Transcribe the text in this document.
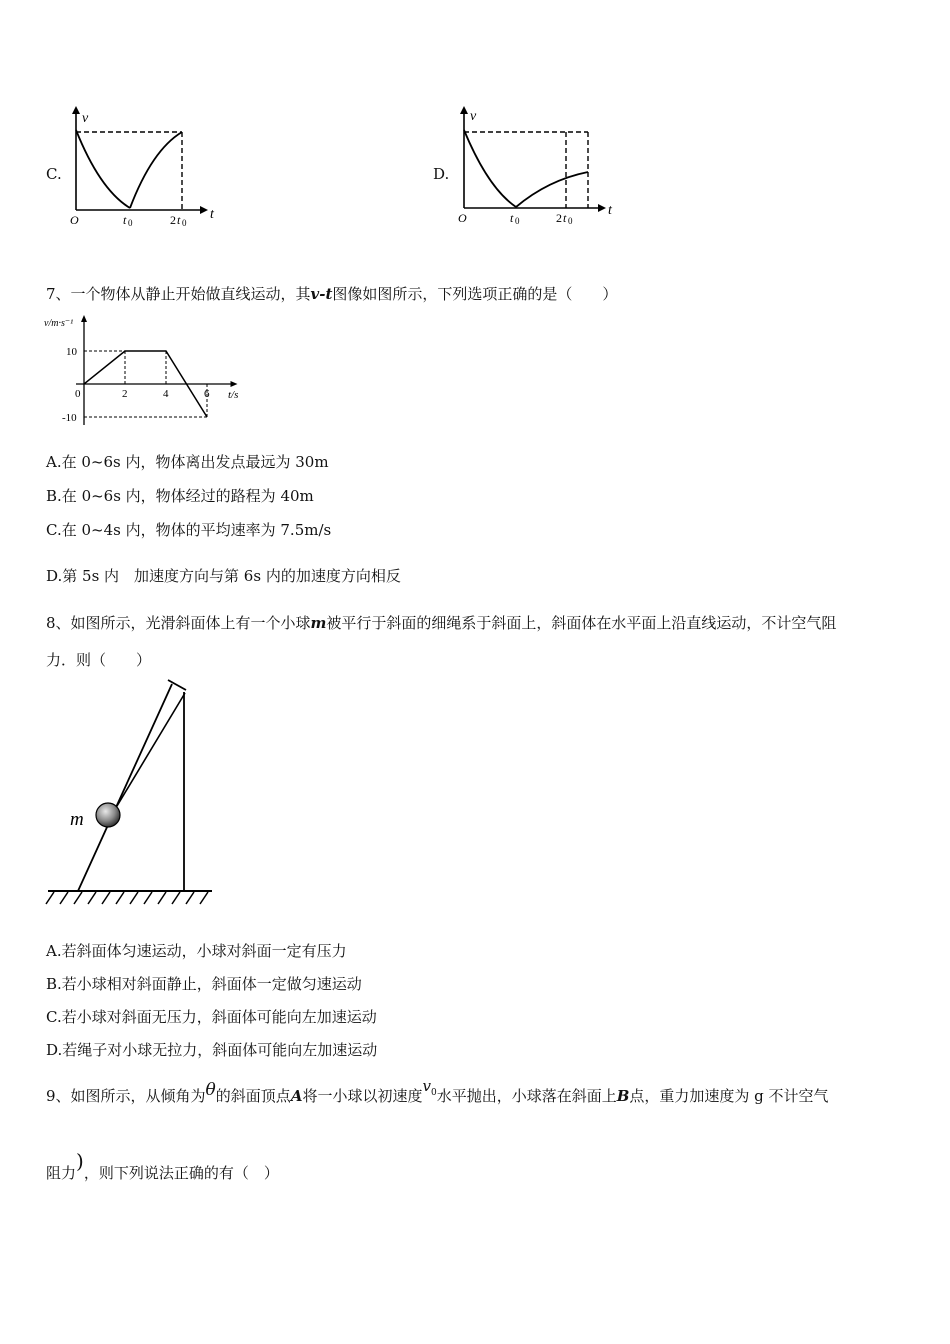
C.
v
t
O	t 0	2 t 0
D.
v
t
O	t 0	2 t 0
7、一个物体从静止开始做直线运动，其v-t图像如图所示，下列选项正确的是（　　）
v/m·s⁻¹
t/s
10
-10
0	2	4	6
A.在 0~6s 内，物体离出发点最远为 30m
B.在 0~6s 内，物体经过的路程为 40m
C.在 0~4s 内，物体的平均速率为 7.5m/s
D.第 5s 内　加速度方向与第 6s 内的加速度方向相反
8、如图所示，光滑斜面体上有一个小球m被平行于斜面的细绳系于斜面上，斜面体在水平面上沿直线运动，不计空气阻
力．则（　　）
m
A.若斜面体匀速运动，小球对斜面一定有压力
B.若小球相对斜面静止，斜面体一定做匀速运动
C.若小球对斜面无压力，斜面体可能向左加速运动
D.若绳子对小球无拉力，斜面体可能向左加速运动
9、如图所示，从倾角为θ的斜面顶点A将一小球以初速度$v_0$水平抛出，小球落在斜面上B点，重力加速度为 g 不计空气
阻力)，则下列说法正确的有（　）
